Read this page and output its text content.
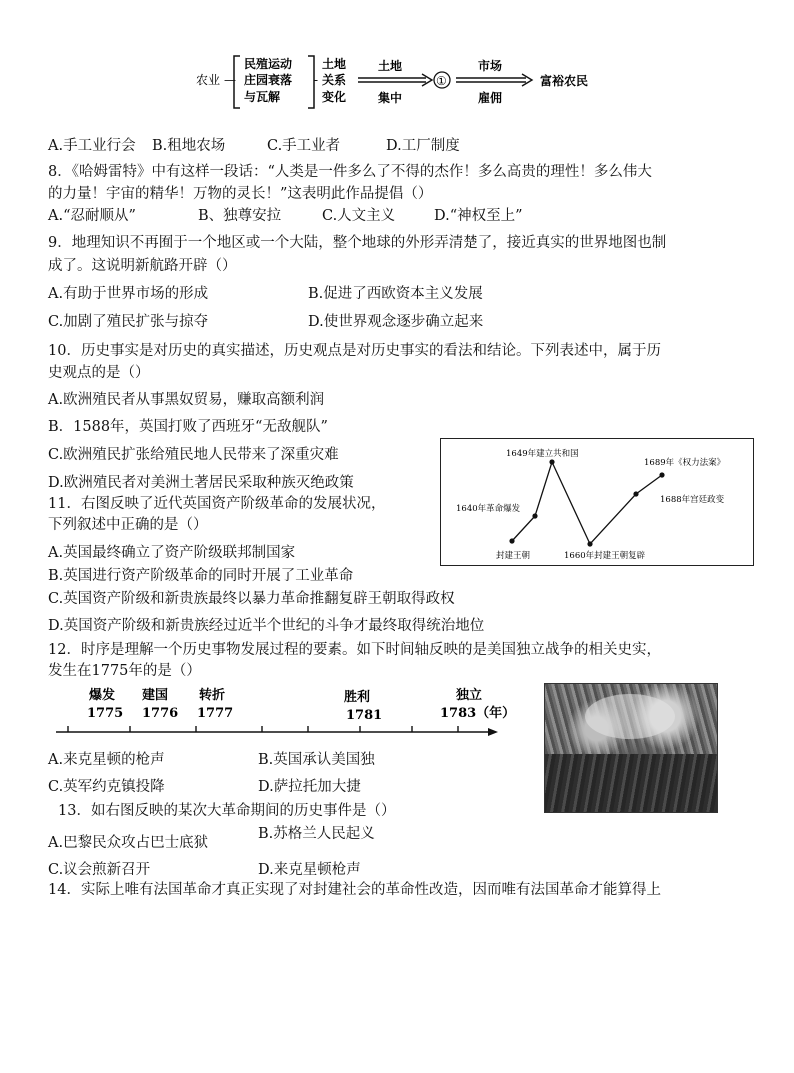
农业 —
民殖运动
庄园衰落
与瓦解
-
土地
关系
变化
土地
集中
①
市场
雇佣
富裕农民
A.手工业行会 B.租地农场	C.手工业者	D.工厂制度
8．《哈姆雷特》中有这样一段话：“人类是一件多么了不得的杰作！多么高贵的理性！多么伟大
的力量！宇宙的精华！万物的灵长！”这表明此作品提倡（）
A.“忍耐顺从”	B、独尊安拉	C.人文主义	D.“神权至上”
9．地理知识不再囿于一个地区或一个大陆，整个地球的外形弄清楚了，接近真实的世界地图也制
成了。这说明新航路开辟（）
A.有助于世界市场的形成	B.促进了西欧资本主义发展
C.加剧了殖民扩张与掠夺	D.使世界观念逐步确立起来
10．历史事实是对历史的真实描述，历史观点是对历史事实的看法和结论。下列表述中，属于历
史观点的是（）
A.欧洲殖民者从事黑奴贸易，赚取高额利润
B．1588年，英国打败了西班牙“无敌舰队”
C.欧洲殖民扩张给殖民地人民带来了深重灾难
D.欧洲殖民者对美洲土著居民采取种族灭绝政策
1649年建立共和国
1640年革命爆发
封建王朝	1660年封建王朝复辟
1688年宫廷政变
1689年《权力法案》
11．右图反映了近代英国资产阶级革命的发展状况，
下列叙述中正确的是（）
A.英国最终确立了资产阶级联邦制国家
B.英国进行资产阶级革命的同时开展了工业革命
C.英国资产阶级和新贵族最终以暴力革命推翻复辟王朝取得政权
D.英国资产阶级和新贵族经过近半个世纪的斗争才最终取得统治地位
12．时序是理解一个历史事物发展过程的要素。如下时间轴反映的是美国独立战争的相关史实，
发生在1775年的是（）
爆发
1775
建国
1776
转折
1777
胜利
1781
独立
1783（年）
A.来克星顿的枪声	B.英国承认美国独
C.英军约克镇投降	D.萨拉托加大捷
13．如右图反映的某次大革命期间的历史事件是（）
B.苏格兰人民起义
A.巴黎民众攻占巴士底狱
C.议会煎新召开	D.来克星顿枪声
14．实际上唯有法国革命才真正实现了对封建社会的革命性改造，因而唯有法国革命才能算得上
